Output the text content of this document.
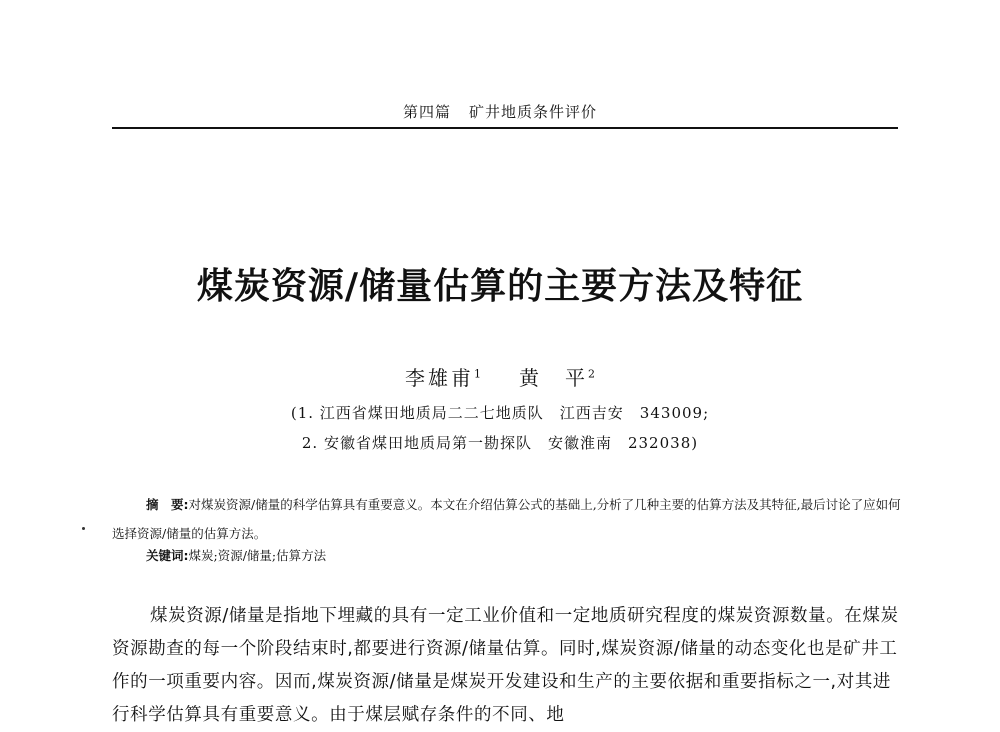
第四篇 矿井地质条件评价
煤炭资源/储量估算的主要方法及特征
李雄甫$^1$ 黄　平$^2$
(1. 江西省煤田地质局二二七地质队　江西吉安　343009;
2. 安徽省煤田地质局第一勘探队　安徽淮南　232038)
摘　要:对煤炭资源/储量的科学估算具有重要意义。本文在介绍估算公式的基础上,分析了几种主要的估算方法及其特征,最后讨论了应如何选择资源/储量的估算方法。
关键词:煤炭;资源/储量;估算方法

煤炭资源/储量是指地下埋藏的具有一定工业价值和一定地质研究程度的煤炭资源数量。在煤炭资源勘查的每一个阶段结束时,都要进行资源/储量估算。同时,煤炭资源/储量的动态变化也是矿井工作的一项重要内容。因而,煤炭资源/储量是煤炭开发建设和生产的主要依据和重要指标之一,对其进行科学估算具有重要意义。由于煤层赋存条件的不同、地
